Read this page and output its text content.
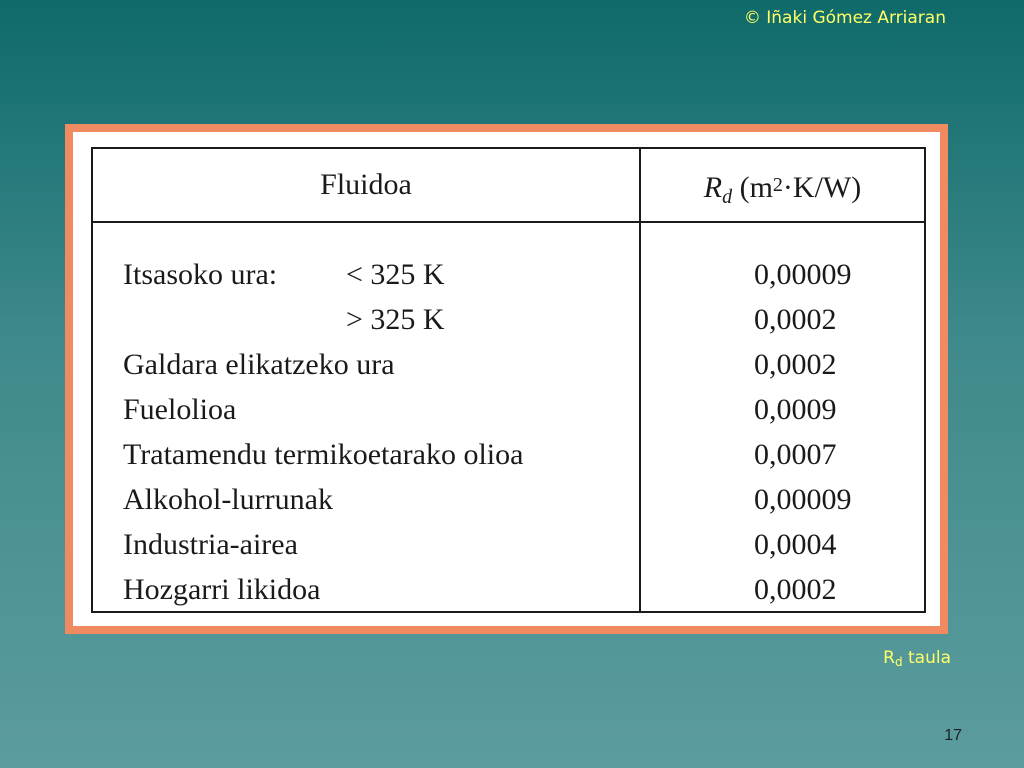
© Iñaki Gómez Arriaran
Fluidoa	$R_d$ $(m^2\cdot K/W)$
Itsasoko ura: < 325 K	0,00009
> 325 K	0,0002
Galdara elikatzeko ura	0,0002
Fuelolioa	0,0009
Tratamendu termikoetarako olioa	0,0007
Alkohol-lurrunak	0,00009
Industria-airea	0,0004
Hozgarri likidoa	0,0002
$R_d$ taula
17
